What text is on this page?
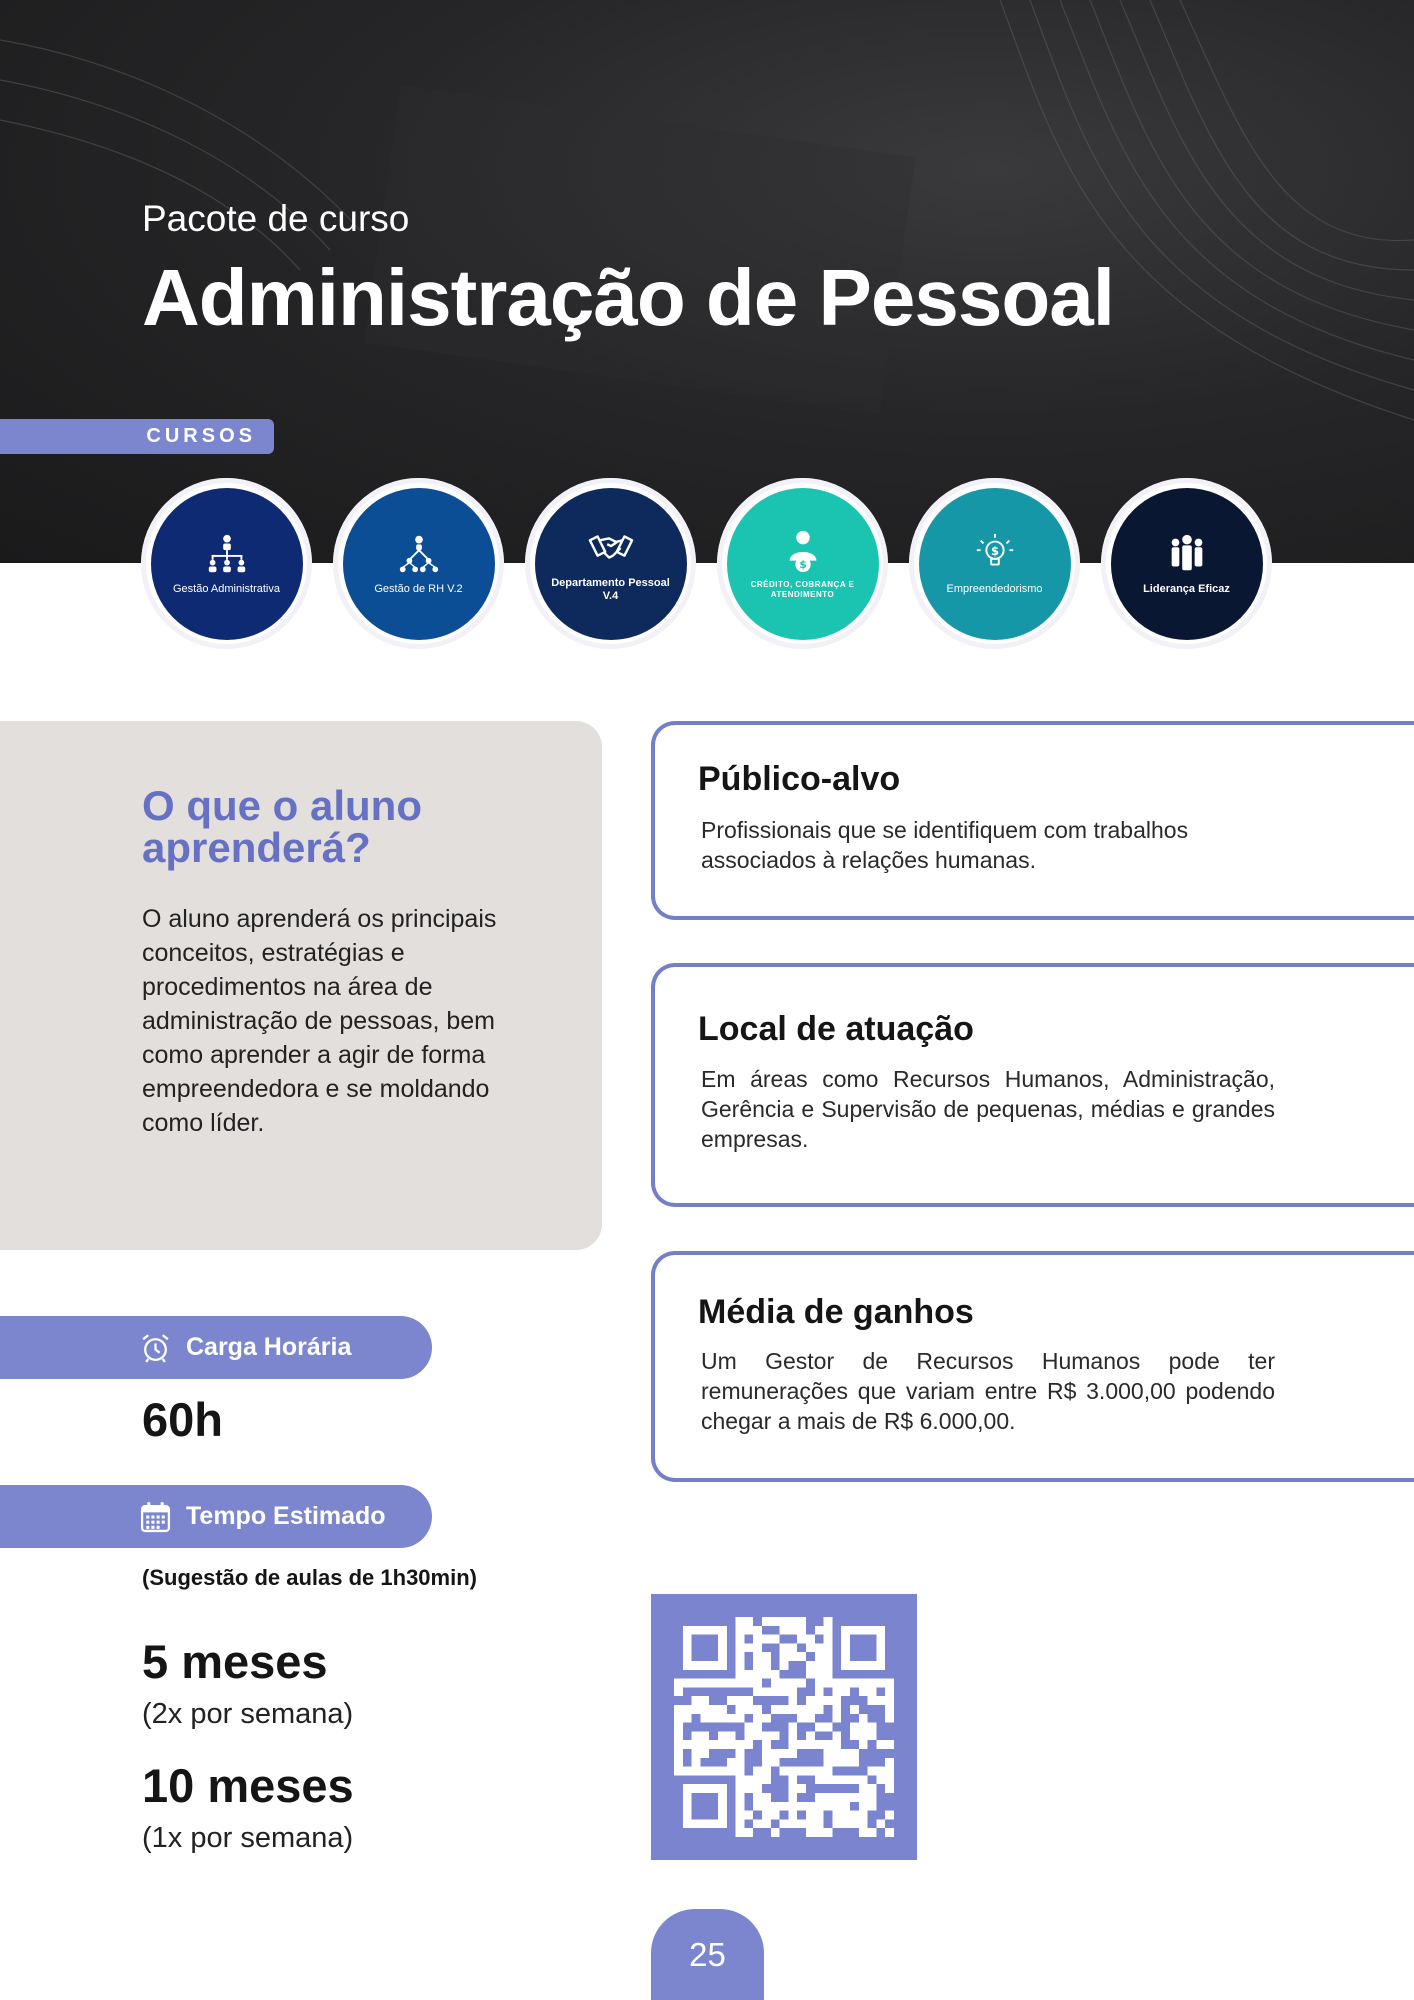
Pacote de curso
Administração de Pessoal
CURSOS
Gestão Administrativa	Gestão de RH V.2
Departamento Pessoal V.4
$
CRÉDITO, COBRANÇA E ATENDIMENTO
$
Empreendedorismo	Liderança Eficaz
O que o aluno aprenderá?
O aluno aprenderá os principais conceitos, estratégias e procedimentos na área de administração de pessoas, bem como aprender a agir de forma empreendedora e se moldando como líder.
Público-alvo
Profissionais que se identifiquem com trabalhos associados à relações humanas.
Local de atuação
Em áreas como Recursos Humanos, Administração, Gerência e Supervisão de pequenas, médias e grandes empresas.
Média de ganhos
Um Gestor de Recursos Humanos pode ter remunerações que variam entre R$ 3.000,00 podendo chegar a mais de R$ 6.000,00.
Carga Horária
60h
Tempo Estimado
(Sugestão de aulas de 1h30min)
5 meses
(2x por semana)
10 meses
(1x por semana)
25
